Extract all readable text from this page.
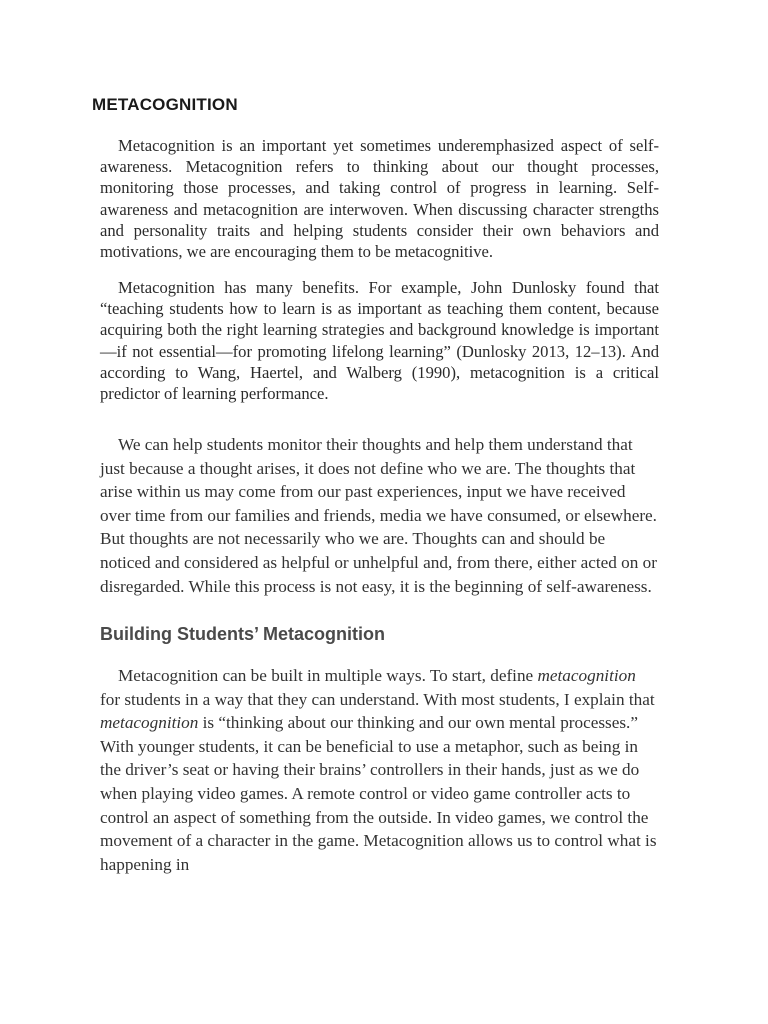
METACOGNITION

Metacognition is an important yet sometimes underemphasized aspect of self-awareness. Metacognition refers to thinking about our thought processes, monitoring those processes, and taking control of progress in learning. Self-awareness and metacognition are interwoven. When discussing character strengths and personality traits and helping students consider their own behaviors and motivations, we are encouraging them to be metacognitive.

Metacognition has many benefits. For example, John Dunlosky found that “teaching students how to learn is as important as teaching them content, because acquiring both the right learning strategies and background knowledge is important—if not essential—for promoting lifelong learning” (Dunlosky 2013, 12–13). And according to Wang, Haertel, and Walberg (1990), metacognition is a critical predictor of learning performance.

We can help students monitor their thoughts and help them understand that just because a thought arises, it does not define who we are. The thoughts that arise within us may come from our past experiences, input we have received over time from our families and friends, media we have consumed, or elsewhere. But thoughts are not necessarily who we are. Thoughts can and should be noticed and considered as helpful or unhelpful and, from there, either acted on or disregarded. While this process is not easy, it is the beginning of self-awareness.

Building Students’ Metacognition

Metacognition can be built in multiple ways. To start, define metacognition for students in a way that they can understand. With most students, I explain that metacognition is “thinking about our thinking and our own mental processes.” With younger students, it can be beneficial to use a metaphor, such as being in the driver’s seat or having their brains’ controllers in their hands, just as we do when playing video games. A remote control or video game controller acts to control an aspect of something from the outside. In video games, we control the movement of a character in the game. Metacognition allows us to control what is happening in
